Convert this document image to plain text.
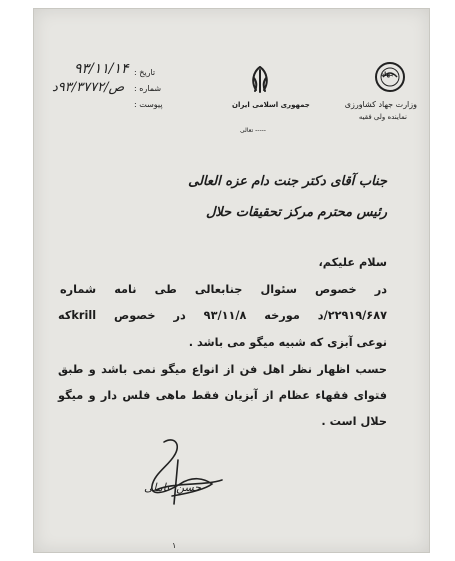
جهاد
وزارت جهاد کشاورزی
نماینده ولی فقیه
جمهوری اسلامی ایران
----- تعالی
تاریخ :
شماره :
پیوست :
۹۳/۱۱/۱۴
ص/۹۳/۳۷۷۲د
جناب آقای دکتر جنت دام عزه العالی
رئیس محترم مرکز تحقیقات حلال
سلام علیکم،
در خصوص سئوال جنابعالی طی نامه شماره
۲۲۹۱۹/۶۸۷/د مورخه ۹۳/۱۱/۸ در خصوص krillکه
نوعی آبزی که شبیه میگو می باشد .
حسب اظهار نظر اهل فن از انواع میگو نمی باشد و طبق
فتوای فقهاء عظام از آبزیان فقط ماهی فلس دار و میگو
حلال است .
حسن عاملی
۱
